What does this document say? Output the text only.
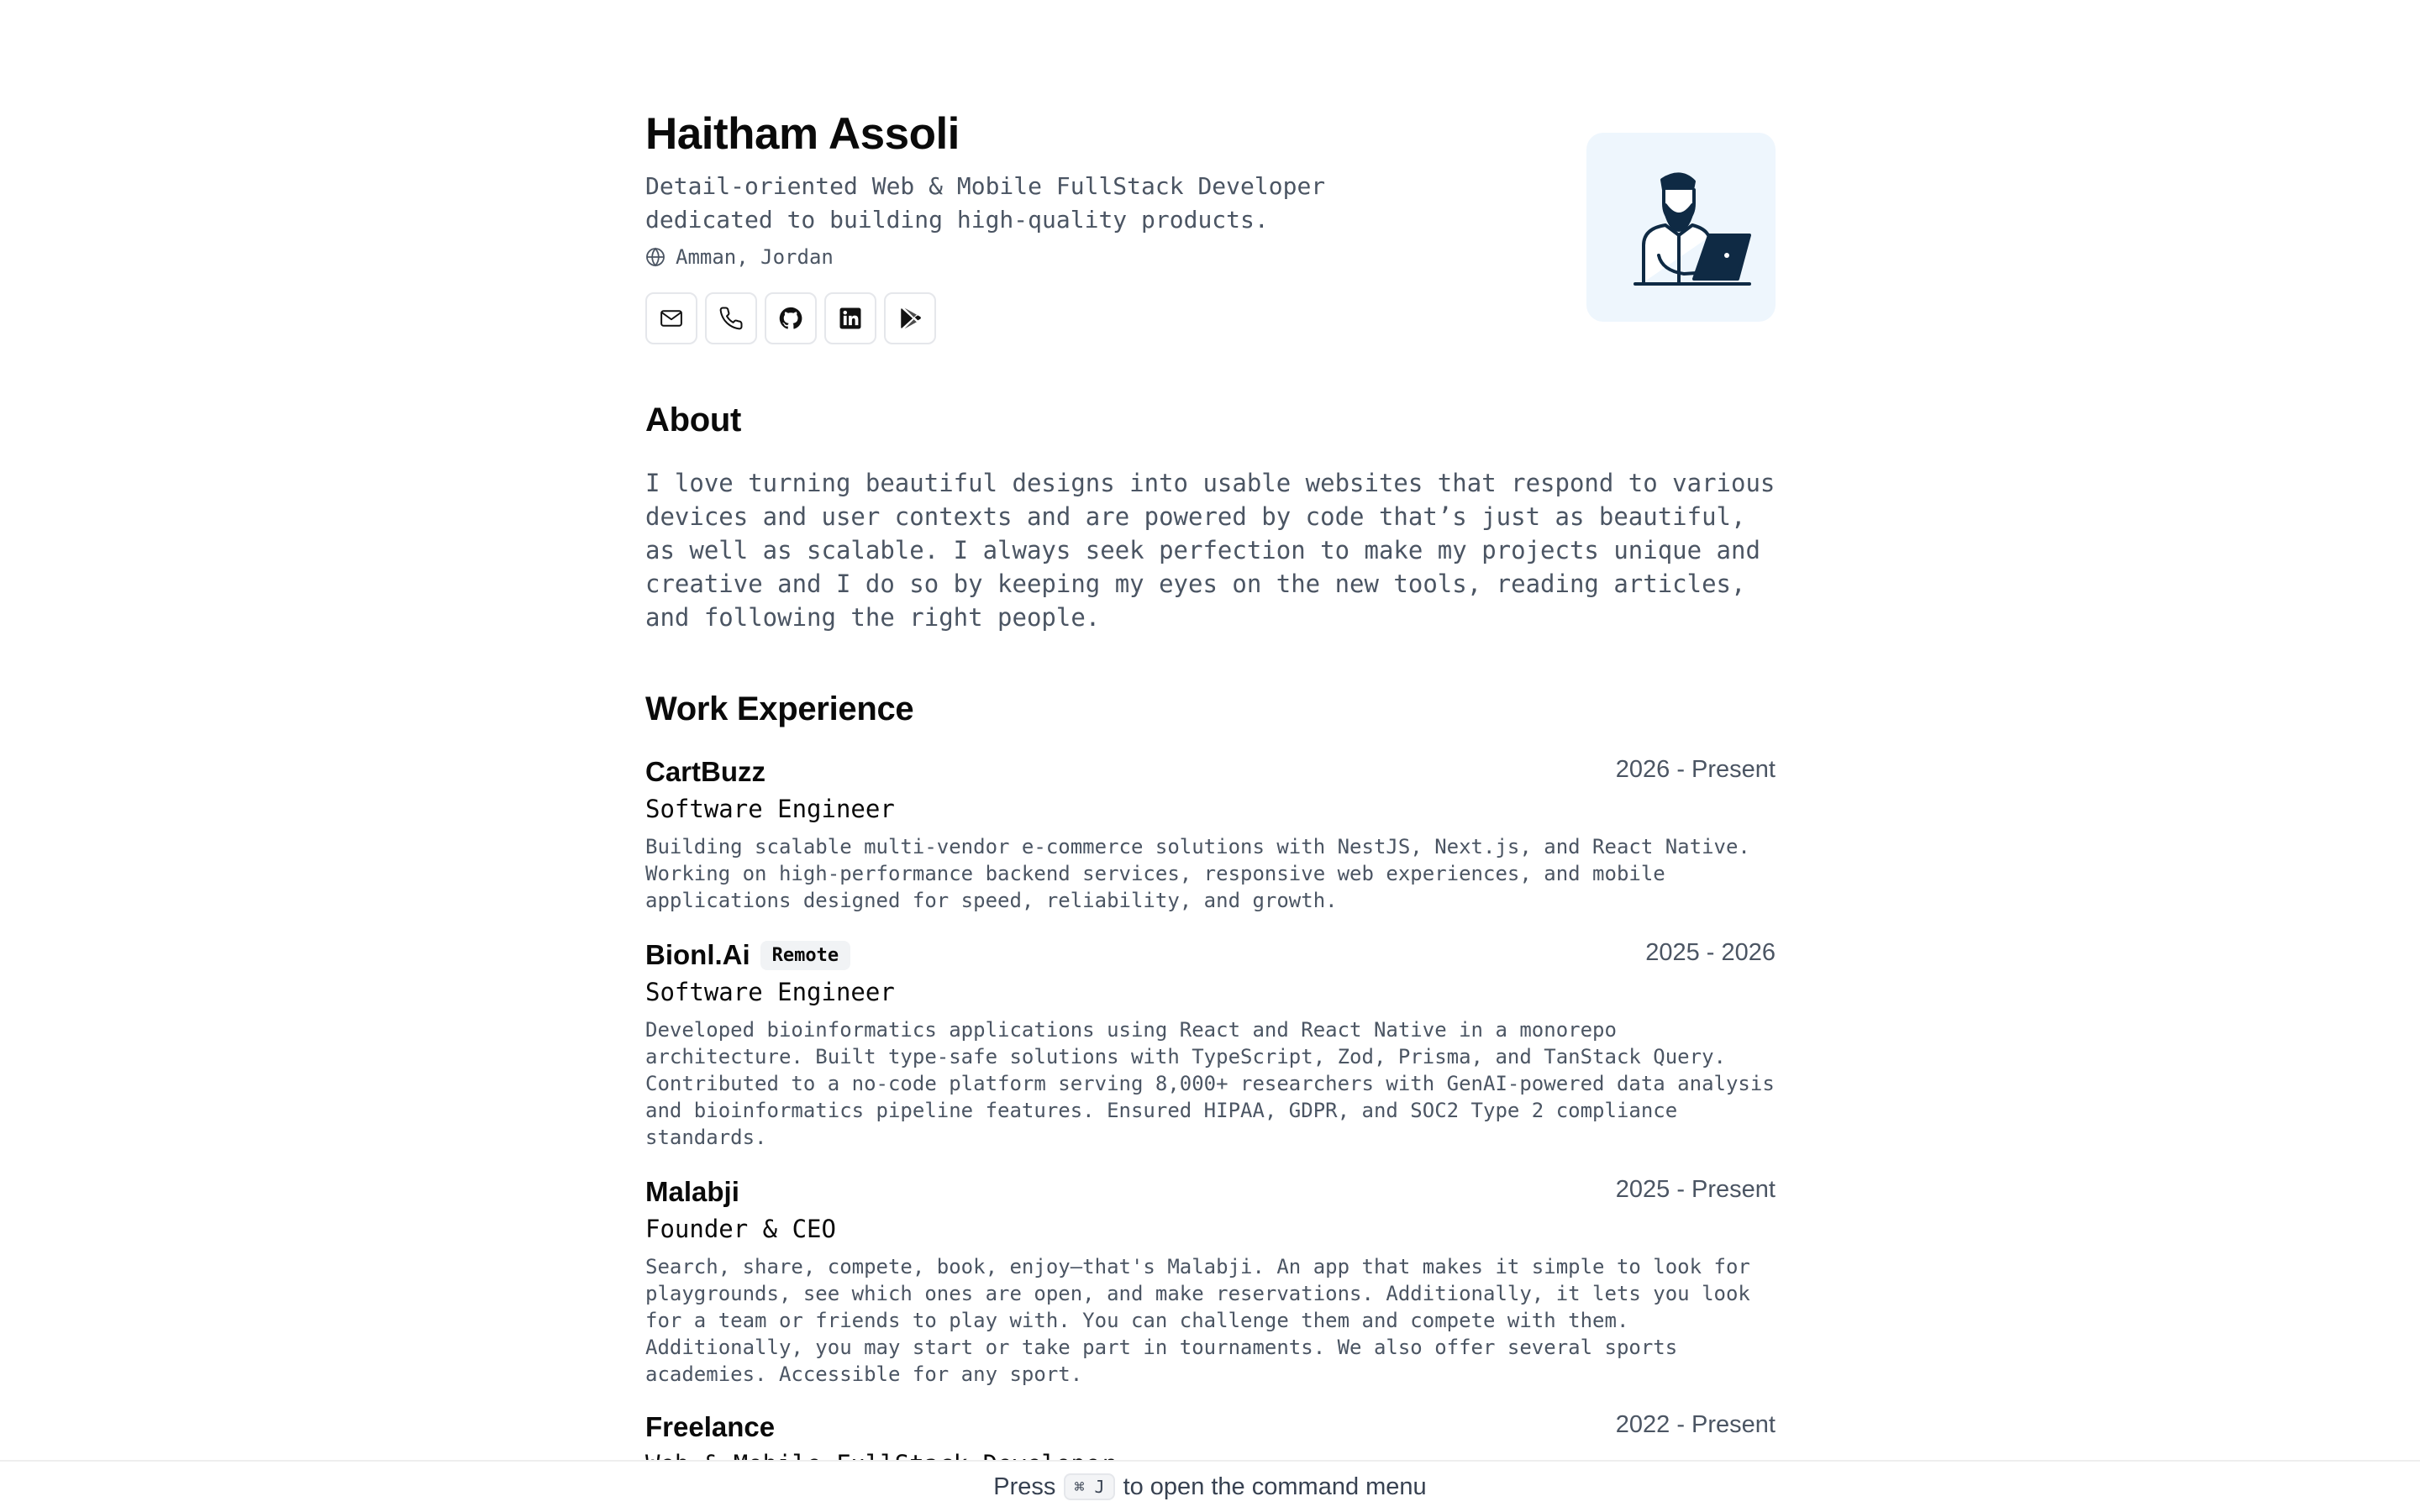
Haitham Assoli

Detail-oriented Web & Mobile FullStack Developer dedicated to building high-quality products.

Amman, Jordan
About

I love turning beautiful designs into usable websites that respond to various devices and user contexts and are powered by code that’s just as beautiful, as well as scalable. I always seek perfection to make my projects unique and creative and I do so by keeping my eyes on the new tools, reading articles, and following the right people.

Work Experience
CartBuzz	2026 - Present
Software Engineer

Building scalable multi-vendor e-commerce solutions with NestJS, Next.js, and React Native. Working on high-performance backend services, responsive web experiences, and mobile applications designed for speed, reliability, and growth.

Bionl.Ai	Remote	2025 - 2026
Software Engineer

Developed bioinformatics applications using React and React Native in a monorepo architecture. Built type-safe solutions with TypeScript, Zod, Prisma, and TanStack Query. Contributed to a no-code platform serving 8,000+ researchers with GenAI-powered data analysis and bioinformatics pipeline features. Ensured HIPAA, GDPR, and SOC2 Type 2 compliance standards.

Malabji	2025 - Present
Founder & CEO

Search, share, compete, book, enjoy—that's Malabji. An app that makes it simple to look for playgrounds, see which ones are open, and make reservations. Additionally, it lets you look for a team or friends to play with. You can challenge them and compete with them. Additionally, you may start or take part in tournaments. We also offer several sports academies. Accessible for any sport.

Freelance	2022 - Present
Press	⌘ J to open the command menu
